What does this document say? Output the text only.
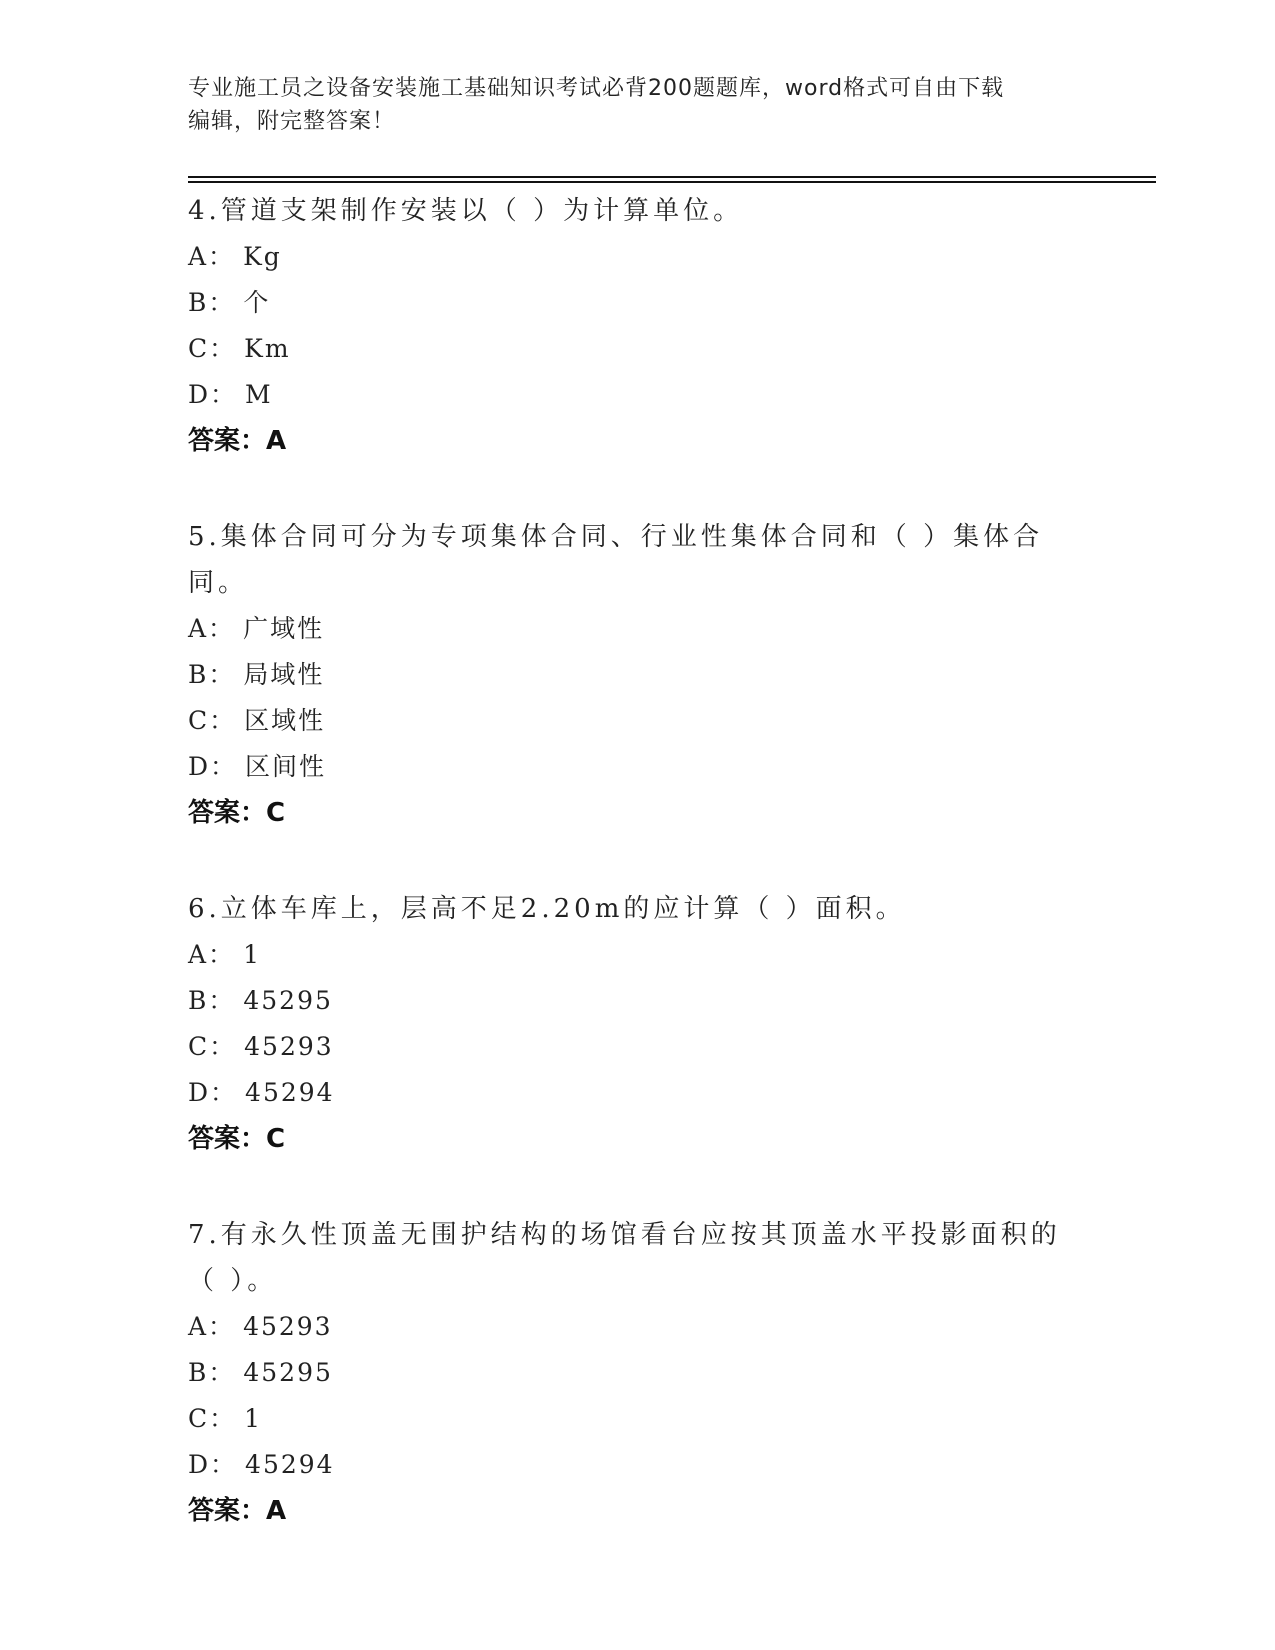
专业施工员之设备安装施工基础知识考试必背200题题库，word格式可自由下载
编辑，附完整答案！
4.管道支架制作安装以（ ）为计算单位。
A： Kg
B： 个
C： Km
D： M
答案：A
5.集体合同可分为专项集体合同、行业性集体合同和（ ）集体合同。
A： 广域性
B： 局域性
C： 区域性
D： 区间性
答案：C
6.立体车库上，层高不足2.20m的应计算（ ）面积。
A： 1
B： 45295
C： 45293
D： 45294
答案：C
7.有永久性顶盖无围护结构的场馆看台应按其顶盖水平投影面积的（ ）。
A： 45293
B： 45295
C： 1
D： 45294
答案：A
